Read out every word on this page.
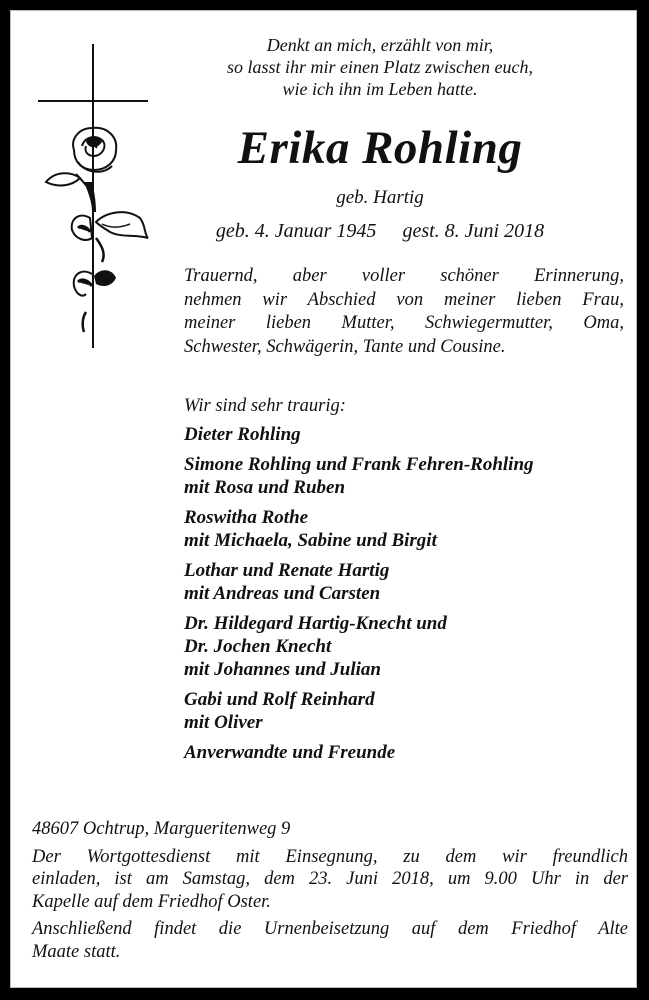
Denkt an mich, erzählt von mir,
so lasst ihr mir einen Platz zwischen euch,
wie ich ihn im Leben hatte.
Erika Rohling
geb. Hartig
geb. 4. Januar 1945 gest. 8. Juni 2018
Trauernd, aber voller schöner Erinnerung,
nehmen wir Abschied von meiner lieben Frau,
meiner lieben Mutter, Schwiegermutter, Oma,
Schwester, Schwägerin, Tante und Cousine.
Wir sind sehr traurig:
Dieter Rohling
Simone Rohling und Frank Fehren-Rohling
mit Rosa und Ruben
Roswitha Rothe
mit Michaela, Sabine und Birgit
Lothar und Renate Hartig
mit Andreas und Carsten
Dr. Hildegard Hartig-Knecht und
Dr. Jochen Knecht
mit Johannes und Julian
Gabi und Rolf Reinhard
mit Oliver
Anverwandte und Freunde

48607 Ochtrup, Margueritenweg 9

Der Wortgottesdienst mit Einsegnung, zu dem wir freundlich
einladen, ist am Samstag, dem 23. Juni 2018, um 9.00 Uhr in der
Kapelle auf dem Friedhof Oster.

Anschließend findet die Urnenbeisetzung auf dem Friedhof Alte
Maate statt.
